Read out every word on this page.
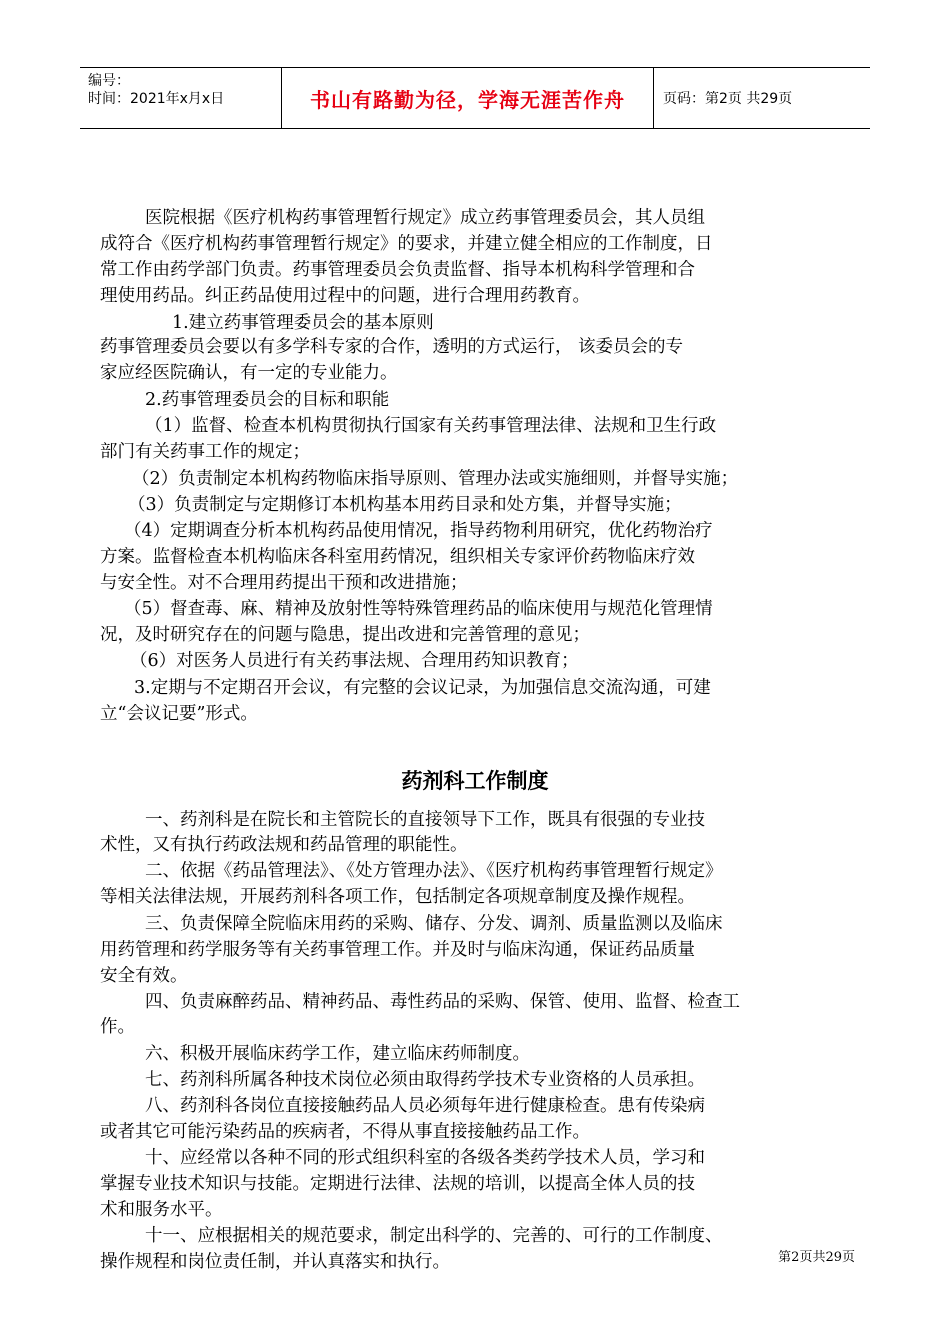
编号：
时间：2021年x月x日	书山有路勤为径，学海无涯苦作舟	页码：第2页 共29页
医院根据《医疗机构药事管理暂行规定》成立药事管理委员会，其人员组
成符合《医疗机构药事管理暂行规定》的要求，并建立健全相应的工作制度，日
常工作由药学部门负责。药事管理委员会负责监督、指导本机构科学管理和合
理使用药品。纠正药品使用过程中的问题，进行合理用药教育。
1.建立药事管理委员会的基本原则
药事管理委员会要以有多学科专家的合作，透明的方式运行， 该委员会的专
家应经医院确认，有一定的专业能力。
2.药事管理委员会的目标和职能
（1）监督、检查本机构贯彻执行国家有关药事管理法律、法规和卫生行政
部门有关药事工作的规定；
（2）负责制定本机构药物临床指导原则、管理办法或实施细则，并督导实施；
（3）负责制定与定期修订本机构基本用药目录和处方集，并督导实施；
（4）定期调查分析本机构药品使用情况，指导药物利用研究，优化药物治疗
方案。监督检查本机构临床各科室用药情况，组织相关专家评价药物临床疗效
与安全性。对不合理用药提出干预和改进措施；
（5）督查毒、麻、精神及放射性等特殊管理药品的临床使用与规范化管理情
况，及时研究存在的问题与隐患，提出改进和完善管理的意见；
（6）对医务人员进行有关药事法规、合理用药知识教育；
3.定期与不定期召开会议，有完整的会议记录，为加强信息交流沟通，可建
立“会议记要”形式。
药剂科工作制度
一、药剂科是在院长和主管院长的直接领导下工作，既具有很强的专业技
术性，又有执行药政法规和药品管理的职能性。
二、依据《药品管理法》、《处方管理办法》、《医疗机构药事管理暂行规定》
等相关法律法规，开展药剂科各项工作，包括制定各项规章制度及操作规程。
三、负责保障全院临床用药的采购、储存、分发、调剂、质量监测以及临床
用药管理和药学服务等有关药事管理工作。并及时与临床沟通，保证药品质量
安全有效。
四、负责麻醉药品、精神药品、毒性药品的采购、保管、使用、监督、检查工
作。
六、积极开展临床药学工作，建立临床药师制度。
七、药剂科所属各种技术岗位必须由取得药学技术专业资格的人员承担。
八、药剂科各岗位直接接触药品人员必须每年进行健康检查。患有传染病
或者其它可能污染药品的疾病者，不得从事直接接触药品工作。
十、应经常以各种不同的形式组织科室的各级各类药学技术人员，学习和
掌握专业技术知识与技能。定期进行法律、法规的培训，以提高全体人员的技
术和服务水平。
十一、应根据相关的规范要求，制定出科学的、完善的、可行的工作制度、
操作规程和岗位责任制，并认真落实和执行。	第2页共29页
